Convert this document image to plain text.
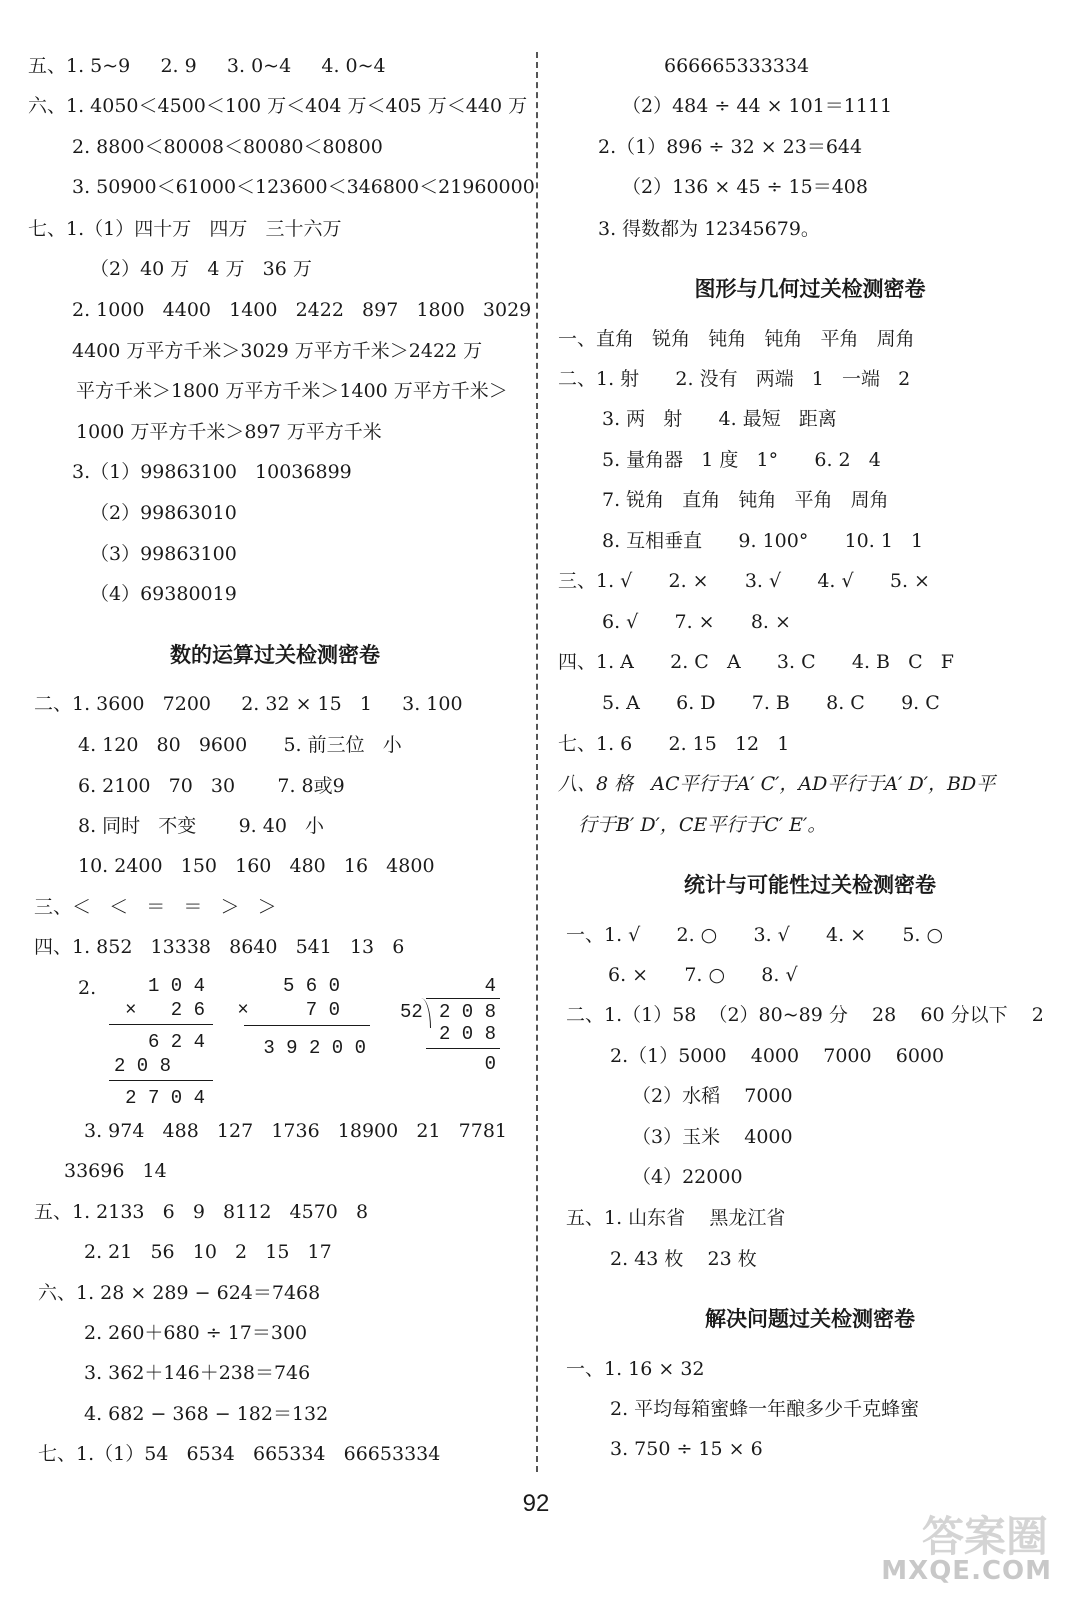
五、1. 5~9     2. 9     3. 0~4     4. 0~4
六、1. 4050＜4500＜100 万＜404 万＜405 万＜440 万
2. 8800＜80008＜80080＜80800
3. 50900＜61000＜123600＜346800＜21960000
七、1.（1）四十万   四万   三十六万
（2）40 万   4 万   36 万
2. 1000   4400   1400   2422   897   1800   3029
4400 万平方千米＞3029 万平方千米＞2422 万
平方千米＞1800 万平方千米＞1400 万平方千米＞
1000 万平方千米＞897 万平方千米
3.（1）99863100   10036899
（2）99863010
（3）99863100
（4）69380019
数的运算过关检测密卷
二、1. 3600   7200     2. 32 × 15   1     3. 100
4. 120   80   9600      5. 前三位   小
6. 2100   70   30       7. 8或9
8. 同时   不变       9. 40   小
10. 2400   150   160   480   16   4800
三、＜   ＜   ＝   ＝   ＞   ＞
四、1. 852   13338   8640   541   13   6
2.	1 0 4
×   2 6
6 2 4
2 0 8
2 7 0 4
5 6 0
×     7 0
3 9 2 0 0
4
52 2 0 8
2 0 8
0
3. 974   488   127   1736   18900   21   7781
33696   14
五、1. 2133   6   9   8112   4570   8
2. 21   56   10   2   15   17
六、1. 28 × 289 − 624＝7468
2. 260＋680 ÷ 17＝300
3. 362＋146＋238＝746
4. 682 − 368 − 182＝132
七、1.（1）54   6534   665334   66653334
666665333334
（2）484 ÷ 44 × 101＝1111
2.（1）896 ÷ 32 × 23＝644
（2）136 × 45 ÷ 15＝408
3. 得数都为 12345679。
图形与几何过关检测密卷
一、直角   锐角   钝角   钝角   平角   周角
二、1. 射      2. 没有   两端   1   一端   2
3. 两   射      4. 最短   距离
5. 量角器   1 度   1°      6. 2   4
7. 锐角   直角   钝角   平角   周角
8. 互相垂直      9. 100°      10. 1   1
三、1. √      2. ×      3. √      4. √      5. ×
6. √      7. ×      8. ×
四、1. A      2. C   A      3. C      4. B   C   F
5. A      6. D      7. B      8. C      9. C
七、1. 6      2. 15   12   1
八、8 格   AC平行于A′ C′，AD平行于A′ D′，BD平
行于B′ D′，CE平行于C′ E′。
统计与可能性过关检测密卷
一、1. √      2. ○      3. √      4. ×      5. ○
6. ×      7. ○      8. √
二、1.（1）58  （2）80~89 分    28    60 分以下    2
2.（1）5000    4000    7000    6000
（2）水稻    7000
（3）玉米    4000
（4）22000
五、1. 山东省    黑龙江省
2. 43 枚    23 枚
解决问题过关检测密卷
一、1. 16 × 32
2. 平均每箱蜜蜂一年酿多少千克蜂蜜
3. 750 ÷ 15 × 6
92
答案圈
MXQE.COM
